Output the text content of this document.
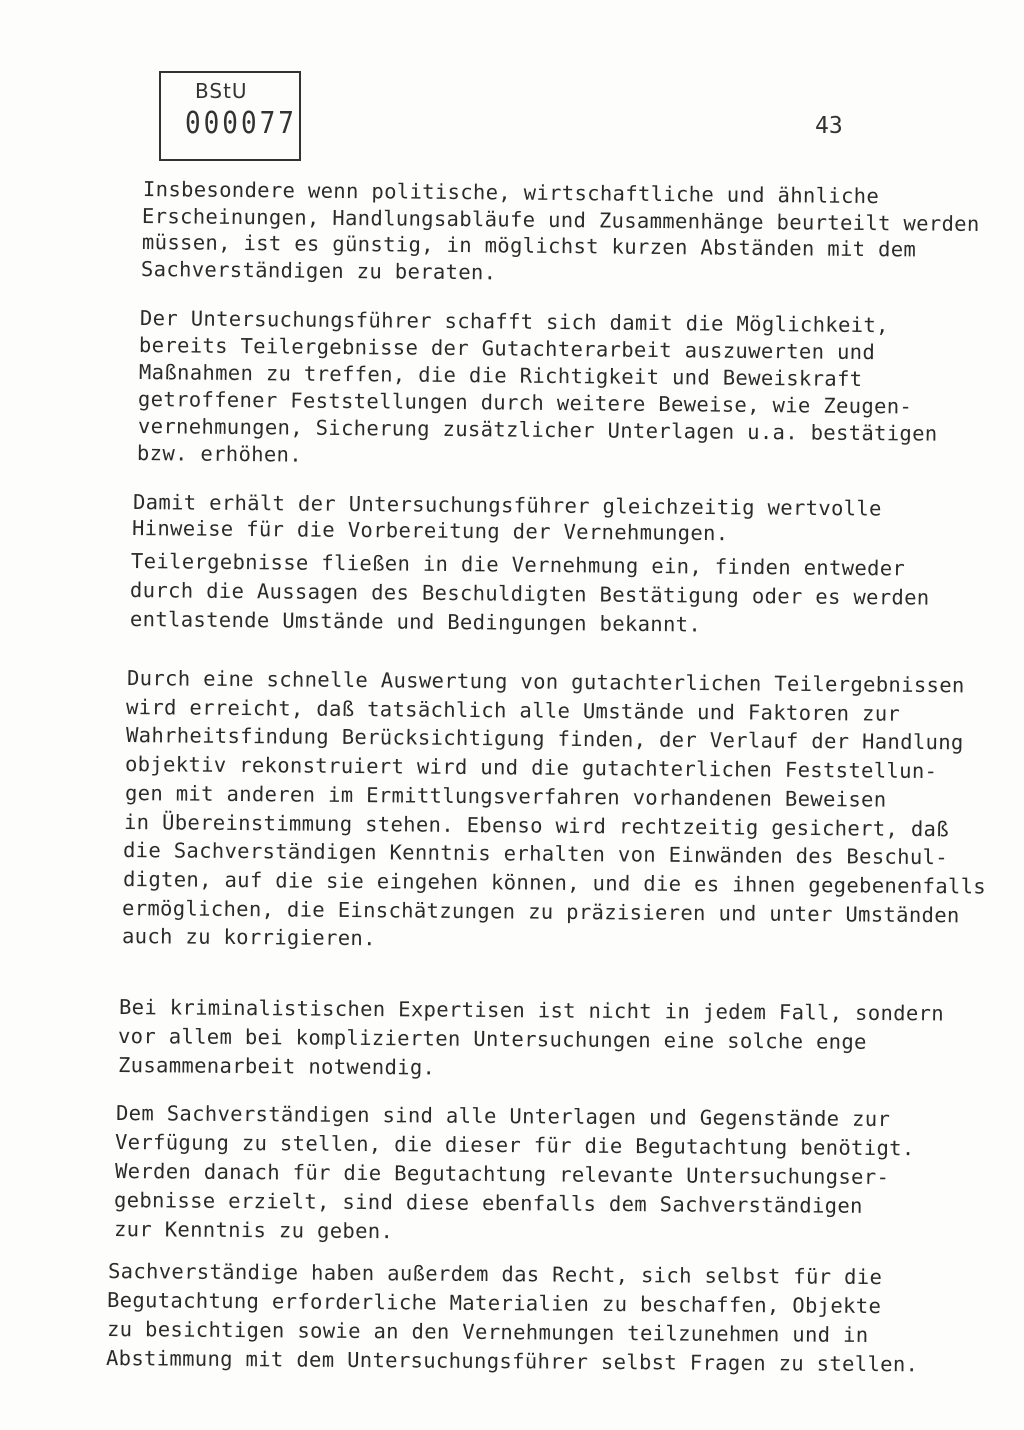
BStU
000077	43
Insbesondere wenn politische, wirtschaftliche und ähnliche
Erscheinungen, Handlungsabläufe und Zusammenhänge beurteilt werden
müssen, ist es günstig, in möglichst kurzen Abständen mit dem
Sachverständigen zu beraten.
Der Untersuchungsführer schafft sich damit die Möglichkeit,
bereits Teilergebnisse der Gutachterarbeit auszuwerten und
Maßnahmen zu treffen, die die Richtigkeit und Beweiskraft
getroffener Feststellungen durch weitere Beweise, wie Zeugen-
vernehmungen, Sicherung zusätzlicher Unterlagen u.a. bestätigen
bzw. erhöhen.
Damit erhält der Untersuchungsführer gleichzeitig wertvolle
Hinweise für die Vorbereitung der Vernehmungen.
Teilergebnisse fließen in die Vernehmung ein, finden entweder
durch die Aussagen des Beschuldigten Bestätigung oder es werden
entlastende Umstände und Bedingungen bekannt.
Durch eine schnelle Auswertung von gutachterlichen Teilergebnissen
wird erreicht, daß tatsächlich alle Umstände und Faktoren zur
Wahrheitsfindung Berücksichtigung finden, der Verlauf der Handlung
objektiv rekonstruiert wird und die gutachterlichen Feststellun-
gen mit anderen im Ermittlungsverfahren vorhandenen Beweisen
in Übereinstimmung stehen. Ebenso wird rechtzeitig gesichert, daß
die Sachverständigen Kenntnis erhalten von Einwänden des Beschul-
digten, auf die sie eingehen können, und die es ihnen gegebenenfalls
ermöglichen, die Einschätzungen zu präzisieren und unter Umständen
auch zu korrigieren.
Bei kriminalistischen Expertisen ist nicht in jedem Fall, sondern
vor allem bei komplizierten Untersuchungen eine solche enge
Zusammenarbeit notwendig.
Dem Sachverständigen sind alle Unterlagen und Gegenstände zur
Verfügung zu stellen, die dieser für die Begutachtung benötigt.
Werden danach für die Begutachtung relevante Untersuchungser-
gebnisse erzielt, sind diese ebenfalls dem Sachverständigen
zur Kenntnis zu geben.
Sachverständige haben außerdem das Recht, sich selbst für die
Begutachtung erforderliche Materialien zu beschaffen, Objekte
zu besichtigen sowie an den Vernehmungen teilzunehmen und in
Abstimmung mit dem Untersuchungsführer selbst Fragen zu stellen.
